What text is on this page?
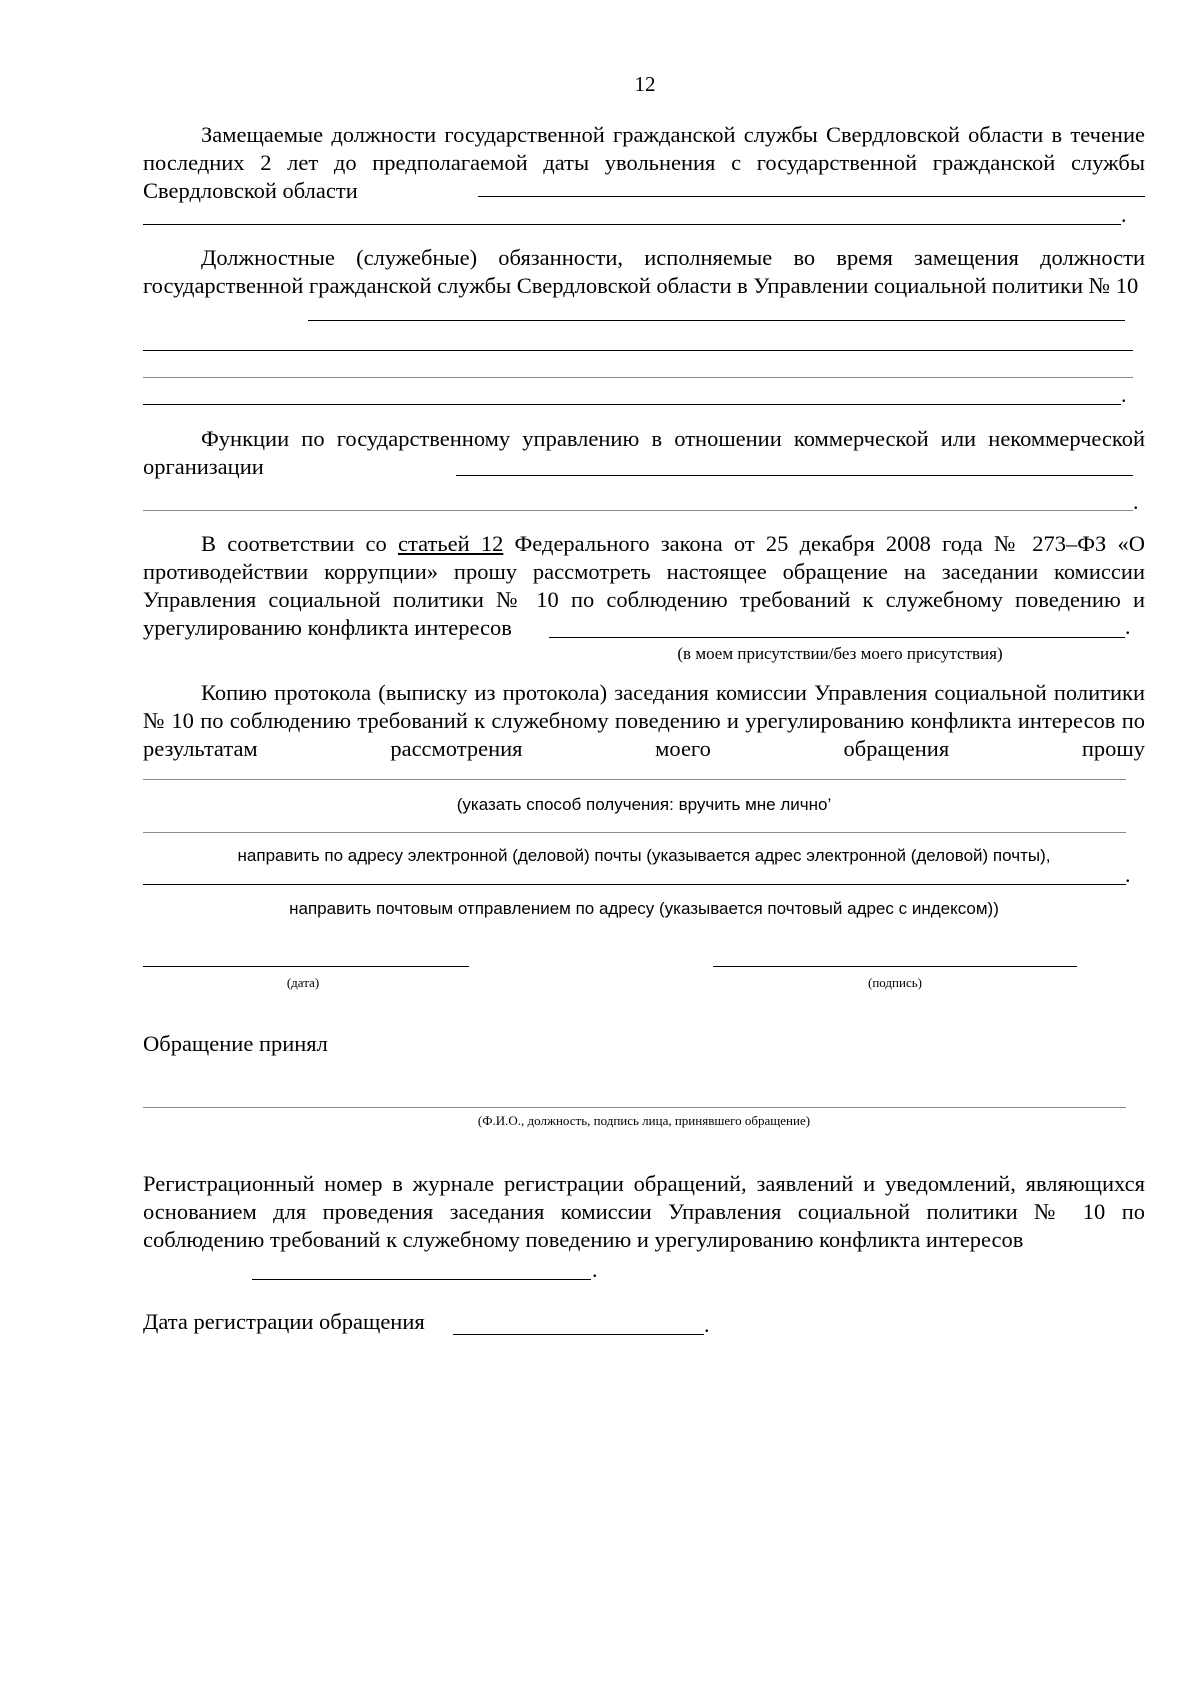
12

Замещаемые должности государственной гражданской службы Свердловской области в течение последних 2 лет до предполагаемой даты увольнения с государственной гражданской службы Свердловской области

.

Должностные (служебные) обязанности, исполняемые во время замещения должности государственной гражданской службы Свердловской области в Управлении социальной политики № 10

.

Функции по государственному управлению в отношении коммерческой или некоммерческой организации

.

В соответствии со статьей 12 Федерального закона от 25 декабря 2008 года № 273–ФЗ «О противодействии коррупции» прошу рассмотреть настоящее обращение на заседании комиссии Управления социальной политики № 10 по соблюдению требований к служебному поведению и урегулированию конфликта интересов	.
(в моем присутствии/без моего присутствия)

Копию протокола (выписку из протокола) заседания комиссии Управления социальной политики № 10 по соблюдению требований к служебному поведению и урегулированию конфликта интересов по результатам рассмотрения моего обращения прошу

(указать способ получения: вручить мне лично’
направить по адресу электронной (деловой) почты (указывается адрес электронной (деловой) почты),
.
направить почтовым отправлением по адресу (указывается почтовый адрес с индексом))
(дата)	(подпись)

Обращение принял

(Ф.И.О., должность, подпись лица, принявшего обращение)

Регистрационный номер в журнале регистрации обращений, заявлений и уведомлений, являющихся основанием для проведения заседания комиссии Управления социальной политики № 10 по соблюдению требований к служебному поведению и урегулированию конфликта интересов

.

Дата регистрации обращения	.
